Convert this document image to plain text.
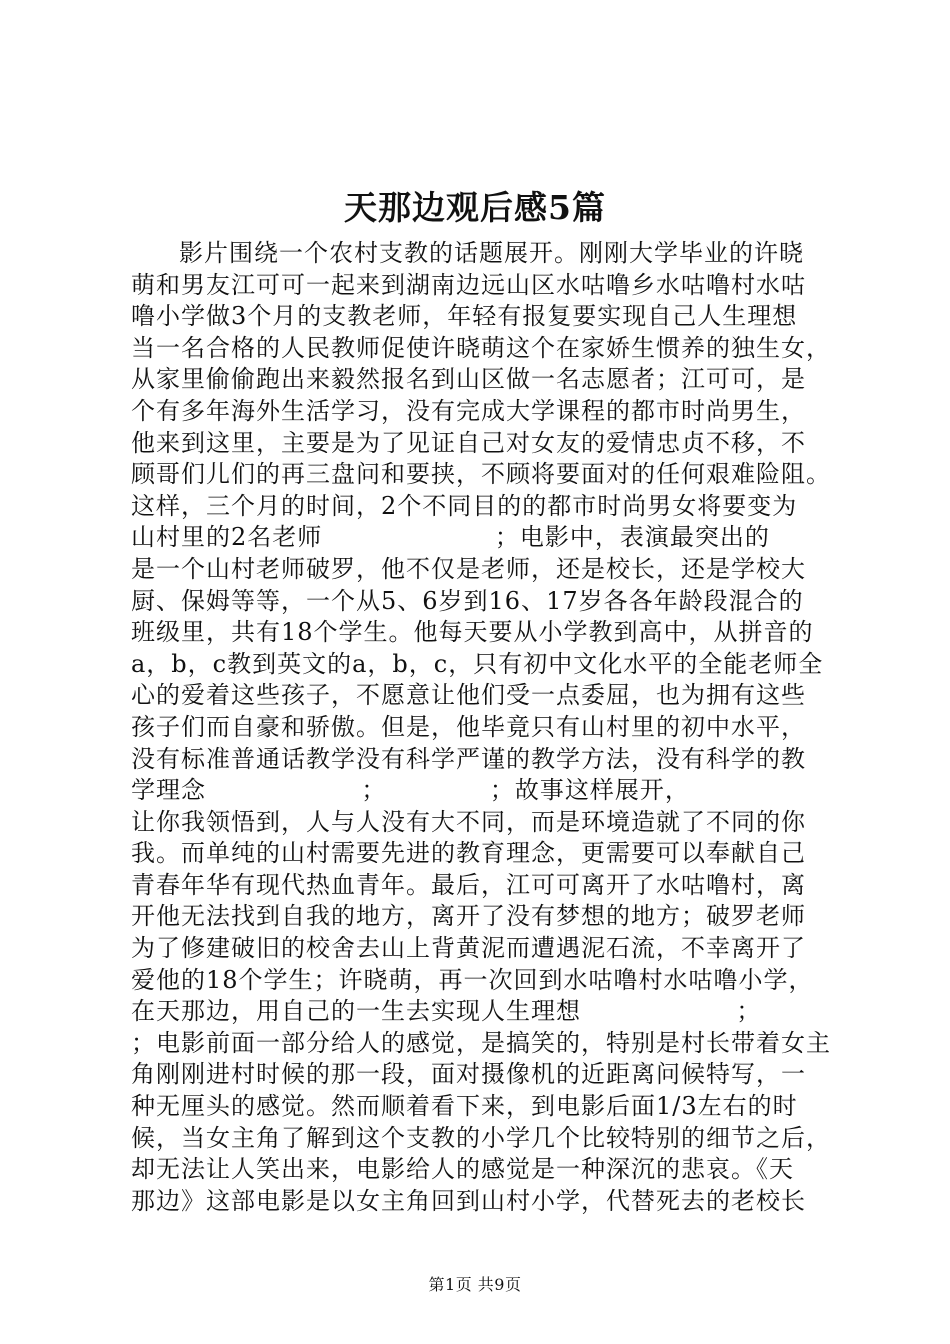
天那边观后感5篇
影片围绕一个农村支教的话题展开。刚刚大学毕业的许晓
萌和男友江可可一起来到湖南边远山区水咕噜乡水咕噜村水咕
噜小学做3个月的支教老师，年轻有报复要实现自己人生理想
当一名合格的人民教师促使许晓萌这个在家娇生惯养的独生女，
从家里偷偷跑出来毅然报名到山区做一名志愿者；江可可，是
个有多年海外生活学习，没有完成大学课程的都市时尚男生，
他来到这里，主要是为了见证自己对女友的爱情忠贞不移，不
顾哥们儿们的再三盘问和要挟，不顾将要面对的任何艰难险阻。
这样，三个月的时间，2个不同目的的都市时尚男女将要变为
山村里的2名老师                    ；电影中，表演最突出的
是一个山村老师破罗，他不仅是老师，还是校长，还是学校大
厨、保姆等等，一个从5、6岁到16、17岁各各年龄段混合的
班级里，共有18个学生。他每天要从小学教到高中，从拼音的
a，b，c教到英文的a，b，c，只有初中文化水平的全能老师全
心的爱着这些孩子，不愿意让他们受一点委屈，也为拥有这些
孩子们而自豪和骄傲。但是，他毕竟只有山村里的初中水平，
没有标准普通话教学没有科学严谨的教学方法，没有科学的教
学理念                  ；            ；故事这样展开，
让你我领悟到，人与人没有大不同，而是环境造就了不同的你
我。而单纯的山村需要先进的教育理念，更需要可以奉献自己
青春年华有现代热血青年。最后，江可可离开了水咕噜村，离
开他无法找到自我的地方，离开了没有梦想的地方；破罗老师
为了修建破旧的校舍去山上背黄泥而遭遇泥石流，不幸离开了
爱他的18个学生；许晓萌，再一次回到水咕噜村水咕噜小学，
在天那边，用自己的一生去实现人生理想                  ；
；电影前面一部分给人的感觉，是搞笑的，特别是村长带着女主
角刚刚进村时候的那一段，面对摄像机的近距离问候特写，一
种无厘头的感觉。然而顺着看下来，到电影后面1/3左右的时
候，当女主角了解到这个支教的小学几个比较特别的细节之后，
却无法让人笑出来，电影给人的感觉是一种深沉的悲哀。《天
那边》这部电影是以女主角回到山村小学，代替死去的老校长
第1页 共9页
